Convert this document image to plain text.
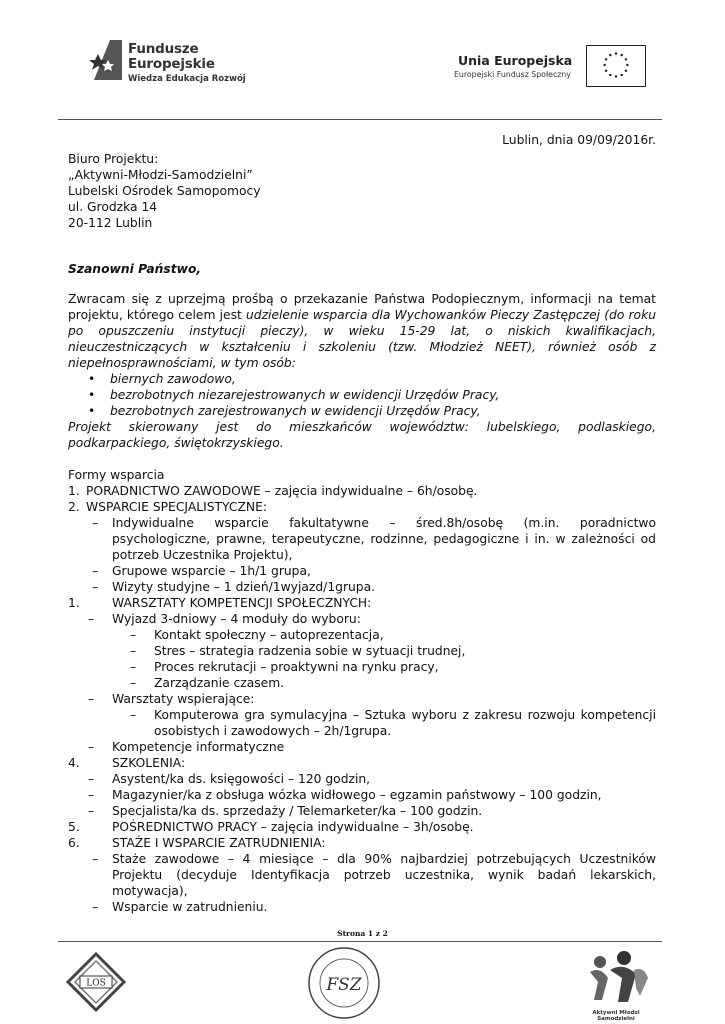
Fundusze
Europejskie
Wiedza Edukacja Rozwój
Unia Europejska
Europejski Fundusz Społeczny
Lublin, dnia 09/09/2016r.
Biuro Projektu:
„Aktywni-Młodzi-Samodzielni”
Lubelski Ośrodek Samopomocy
ul. Grodzka 14
20-112 Lublin
Szanowni Państwo,
Zwracam się z uprzejmą prośbą o przekazanie Państwa Podopiecznym, informacji na temat projektu, którego celem jest udzielenie wsparcia dla Wychowanków Pieczy Zastępczej (do roku po opuszczeniu instytucji pieczy), w wieku 15-29 lat, o niskich kwalifikacjach, nieuczestniczących w kształceniu i szkoleniu (tzw. Młodzież NEET), również osób z niepełnosprawnościami, w tym osób:
• biernych zawodowo,
• bezrobotnych niezarejestrowanych w ewidencji Urzędów Pracy,
• bezrobotnych zarejestrowanych w ewidencji Urzędów Pracy,
Projekt skierowany jest do mieszkańców województw: lubelskiego, podlaskiego, podkarpackiego, świętokrzyskiego.
Formy wsparcia
1. PORADNICTWO ZAWODOWE – zajęcia indywidualne – 6h/osobę.
2. WSPARCIE SPECJALISTYCZNE:
– Indywidualne wsparcie fakultatywne – śred.8h/osobę (m.in. poradnictwo psychologiczne, prawne, terapeutyczne, rodzinne, pedagogiczne i in. w zależności od potrzeb Uczestnika Projektu),
– Grupowe wsparcie – 1h/1 grupa,
– Wizyty studyjne – 1 dzień/1wyjazd/1grupa.
1.	WARSZTATY KOMPETENCJI SPOŁECZNYCH:
– Wyjazd 3-dniowy – 4 moduły do wyboru:
– Kontakt społeczny – autoprezentacja,
– Stres – strategia radzenia sobie w sytuacji trudnej,
– Proces rekrutacji – proaktywni na rynku pracy,
– Zarządzanie czasem.
– Warsztaty wspierające:
– Komputerowa gra symulacyjna – Sztuka wyboru z zakresu rozwoju kompetencji osobistych i zawodowych – 2h/1grupa.
– Kompetencje informatyczne
4.	SZKOLENIA:
– Asystent/ka ds. księgowości – 120 godzin,
– Magazynier/ka z obsługa wózka widłowego – egzamin państwowy – 100 godzin,
– Specjalista/ka ds. sprzedaży / Telemarketer/ka – 100 godzin.
5.	POŚREDNICTWO PRACY – zajęcia indywidualne – 3h/osobę.
6.	STAŻE I WSPARCIE ZATRUDNIENIA:
– Staże zawodowe – 4 miesiące – dla 90% najbardziej potrzebujących Uczestników Projektu (decyduje Identyfikacja potrzeb uczestnika, wynik badań lekarskich, motywacja),
– Wsparcie w zatrudnieniu.
Strona 1 z 2
LOS	FSZ
Aktywni Młodzi Samodzielni
